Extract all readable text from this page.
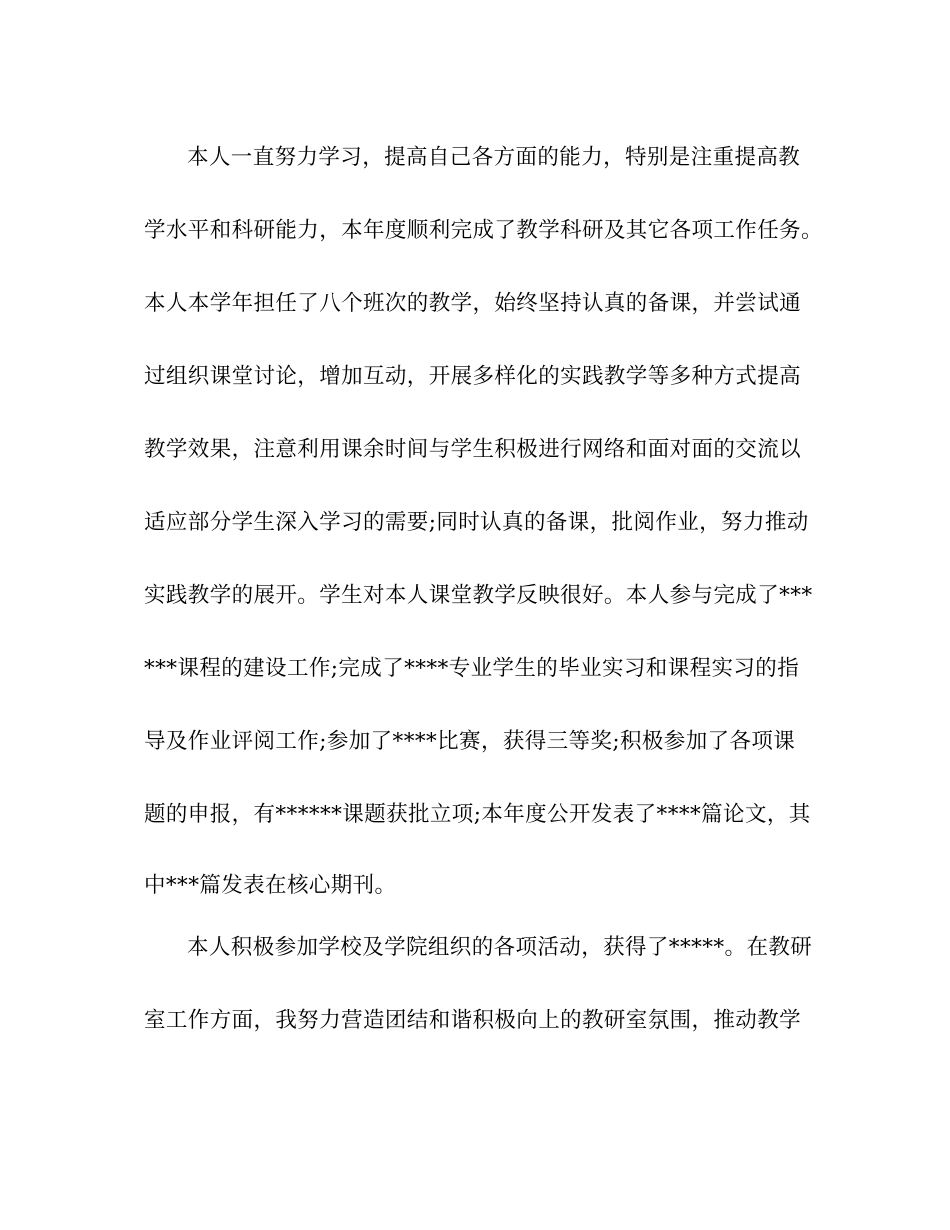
本人一直努力学习，提高自己各方面的能力，特别是注重提高教
学水平和科研能力，本年度顺利完成了教学科研及其它各项工作任务。
本人本学年担任了八个班次的教学，始终坚持认真的备课，并尝试通
过组织课堂讨论，增加互动，开展多样化的实践教学等多种方式提高
教学效果，注意利用课余时间与学生积极进行网络和面对面的交流以
适应部分学生深入学习的需要;同时认真的备课，批阅作业，努力推动
实践教学的展开。学生对本人课堂教学反映很好。本人参与完成了***
***课程的建设工作;完成了****专业学生的毕业实习和课程实习的指
导及作业评阅工作;参加了****比赛，获得三等奖;积极参加了各项课
题的申报，有******课题获批立项;本年度公开发表了****篇论文，其
中***篇发表在核心期刊。
本人积极参加学校及学院组织的各项活动，获得了*****。在教研
室工作方面，我努力营造团结和谐积极向上的教研室氛围，推动教学
